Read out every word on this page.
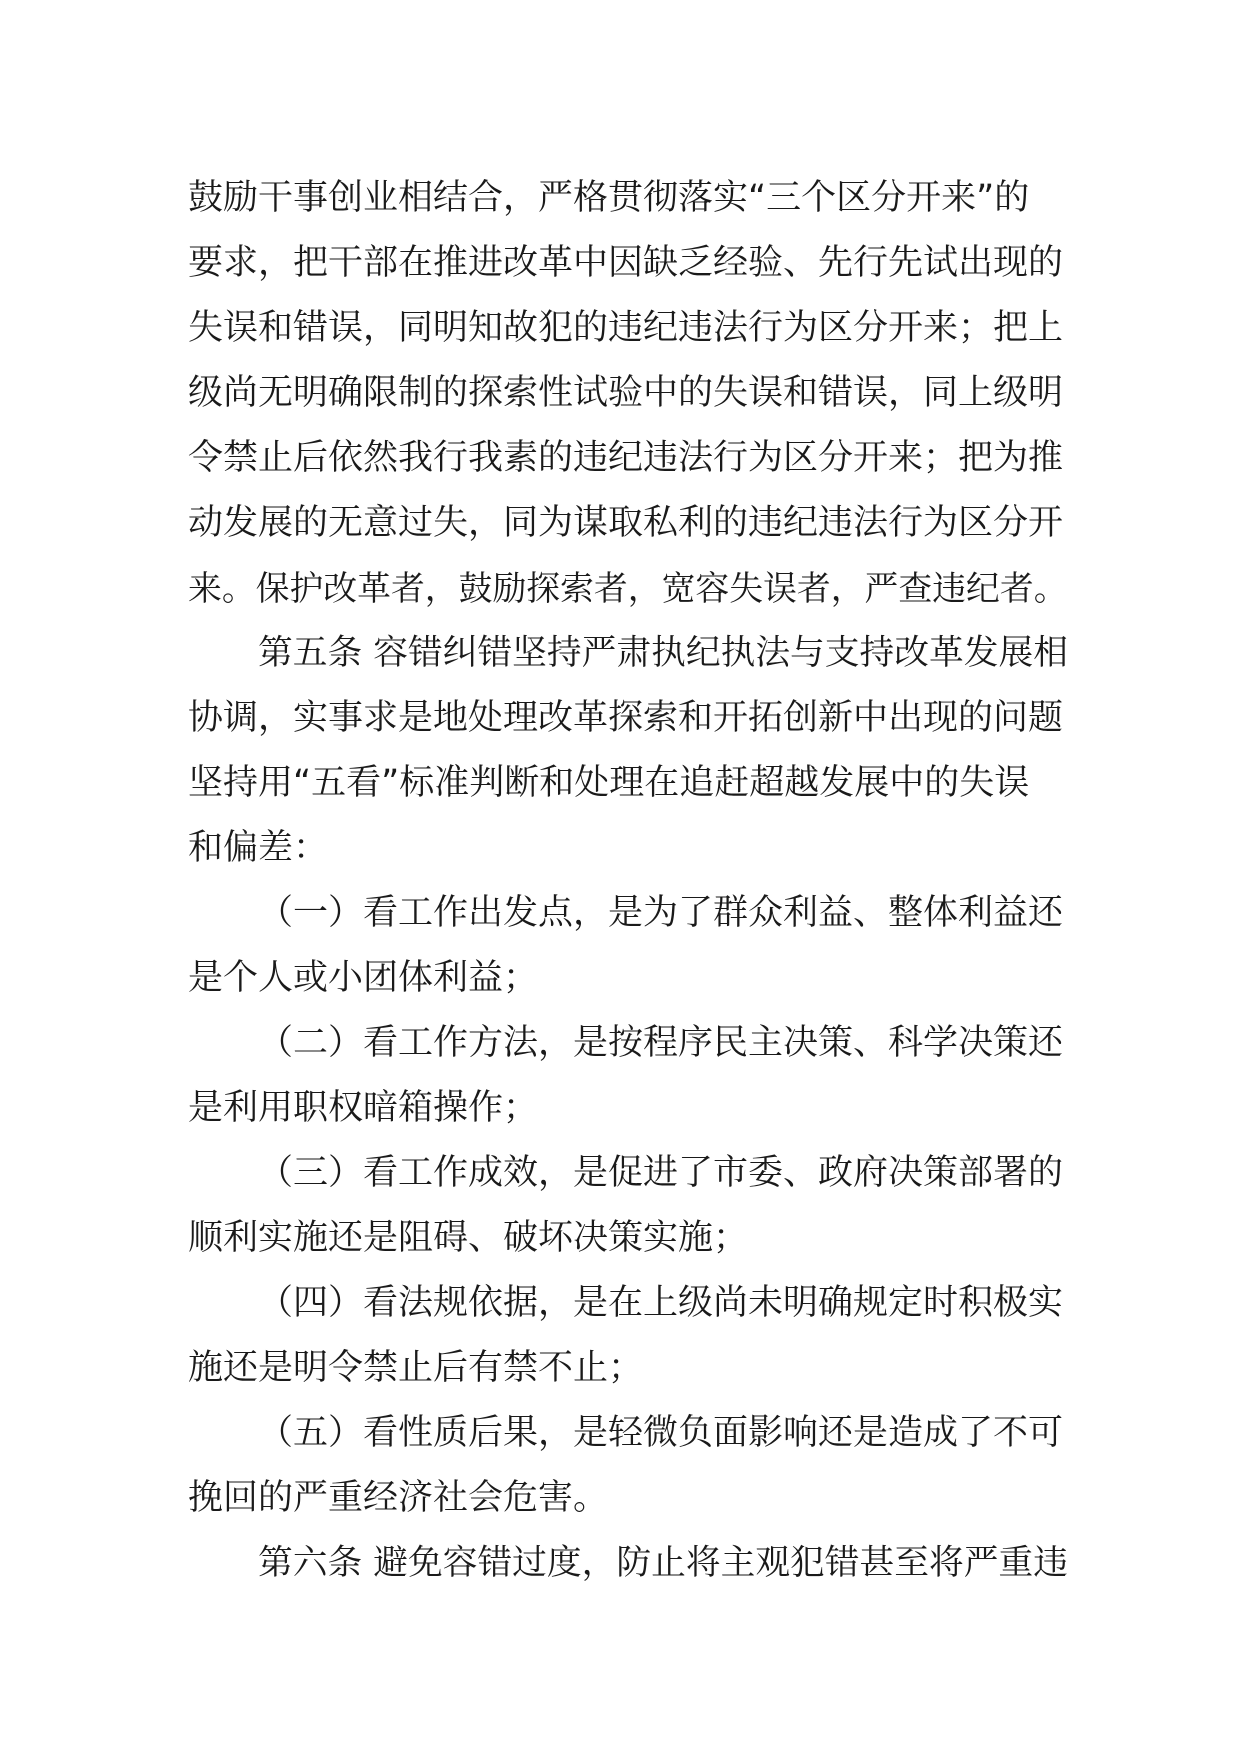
鼓励干事创业相结合，严格贯彻落实“三个区分开来”的
要求，把干部在推进改革中因缺乏经验、先行先试出现的
失误和错误，同明知故犯的违纪违法行为区分开来；把上
级尚无明确限制的探索性试验中的失误和错误，同上级明
令禁止后依然我行我素的违纪违法行为区分开来；把为推
动发展的无意过失，同为谋取私利的违纪违法行为区分开
来。保护改革者，鼓励探索者，宽容失误者，严查违纪者。
第五条 容错纠错坚持严肃执纪执法与支持改革发展相
协调，实事求是地处理改革探索和开拓创新中出现的问题
坚持用“五看”标准判断和处理在追赶超越发展中的失误
和偏差：
（一）看工作出发点，是为了群众利益、整体利益还
是个人或小团体利益；
（二）看工作方法，是按程序民主决策、科学决策还
是利用职权暗箱操作；
（三）看工作成效，是促进了市委、政府决策部署的
顺利实施还是阻碍、破坏决策实施；
（四）看法规依据，是在上级尚未明确规定时积极实
施还是明令禁止后有禁不止；
（五）看性质后果，是轻微负面影响还是造成了不可
挽回的严重经济社会危害。
第六条 避免容错过度，防止将主观犯错甚至将严重违
